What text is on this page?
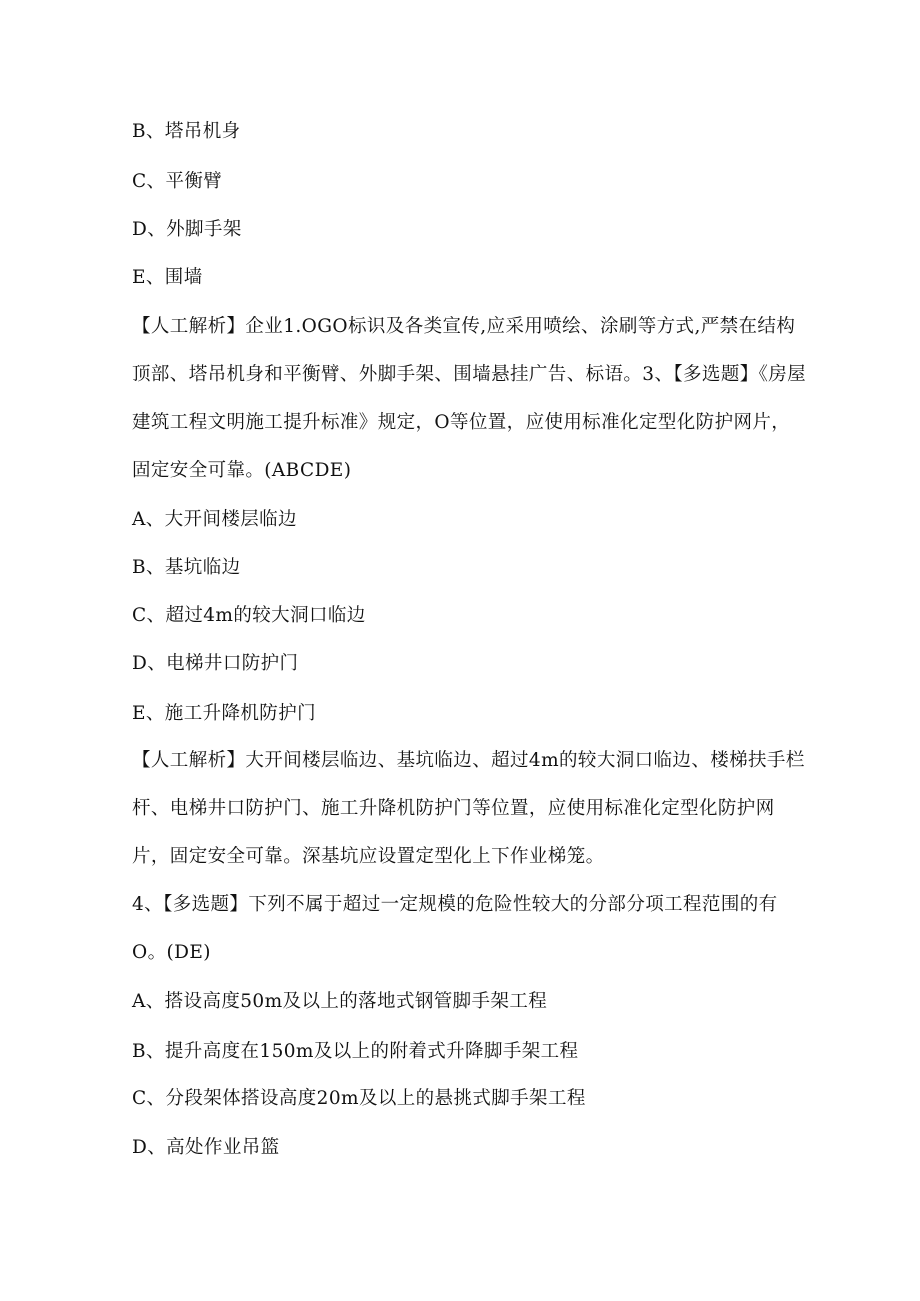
B、塔吊机身
C、平衡臂
D、外脚手架
E、围墙
【人工解析】企业1.OGO标识及各类宣传,应采用喷绘、涂刷等方式,严禁在结构顶部、塔吊机身和平衡臂、外脚手架、围墙悬挂广告、标语。3、【多选题】《房屋建筑工程文明施工提升标准》规定，O等位置，应使用标准化定型化防护网片，固定安全可靠。(ABCDE)
A、大开间楼层临边
B、基坑临边
C、超过4m的较大洞口临边
D、电梯井口防护门
E、施工升降机防护门
【人工解析】大开间楼层临边、基坑临边、超过4m的较大洞口临边、楼梯扶手栏杆、电梯井口防护门、施工升降机防护门等位置，应使用标准化定型化防护网片，固定安全可靠。深基坑应设置定型化上下作业梯笼。
4、【多选题】下列不属于超过一定规模的危险性较大的分部分项工程范围的有O。(DE)
A、搭设高度50m及以上的落地式钢管脚手架工程
B、提升高度在150m及以上的附着式升降脚手架工程
C、分段架体搭设高度20m及以上的悬挑式脚手架工程
D、高处作业吊篮
